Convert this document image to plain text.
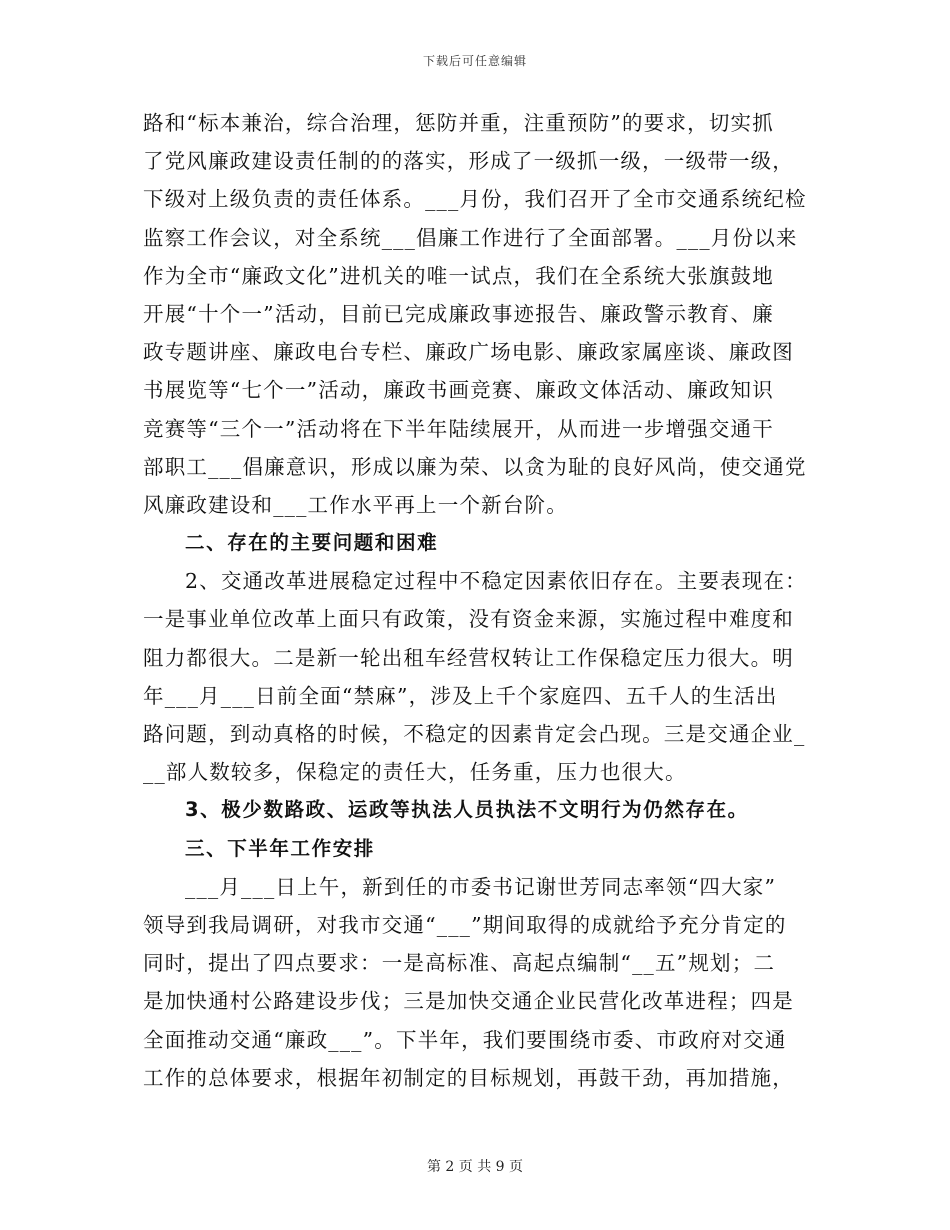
下载后可任意编辑
路和“标本兼治，综合治理，惩防并重，注重预防”的要求，切实抓
了党风廉政建设责任制的的落实，形成了一级抓一级，一级带一级，
下级对上级负责的责任体系。___月份，我们召开了全市交通系统纪检
监察工作会议，对全系统___倡廉工作进行了全面部署。___月份以来
作为全市“廉政文化”进机关的唯一试点，我们在全系统大张旗鼓地
开展“十个一”活动，目前已完成廉政事迹报告、廉政警示教育、廉
政专题讲座、廉政电台专栏、廉政广场电影、廉政家属座谈、廉政图
书展览等“七个一”活动，廉政书画竞赛、廉政文体活动、廉政知识
竞赛等“三个一”活动将在下半年陆续展开，从而进一步增强交通干
部职工___倡廉意识，形成以廉为荣、以贪为耻的良好风尚，使交通党
风廉政建设和___工作水平再上一个新台阶。
二、存在的主要问题和困难
2、交通改革进展稳定过程中不稳定因素依旧存在。主要表现在：
一是事业单位改革上面只有政策，没有资金来源，实施过程中难度和
阻力都很大。二是新一轮出租车经营权转让工作保稳定压力很大。明
年___月___日前全面“禁麻”，涉及上千个家庭四、五千人的生活出
路问题，到动真格的时候，不稳定的因素肯定会凸现。三是交通企业_
__部人数较多，保稳定的责任大，任务重，压力也很大。
3、极少数路政、运政等执法人员执法不文明行为仍然存在。
三、下半年工作安排
___月___日上午，新到任的市委书记谢世芳同志率领“四大家”
领导到我局调研，对我市交通“___”期间取得的成就给予充分肯定的
同时，提出了四点要求：一是高标准、高起点编制“__五”规划；二
是加快通村公路建设步伐；三是加快交通企业民营化改革进程；四是
全面推动交通“廉政___”。下半年，我们要围绕市委、市政府对交通
工作的总体要求，根据年初制定的目标规划，再鼓干劲，再加措施，
第 2 页 共 9 页
